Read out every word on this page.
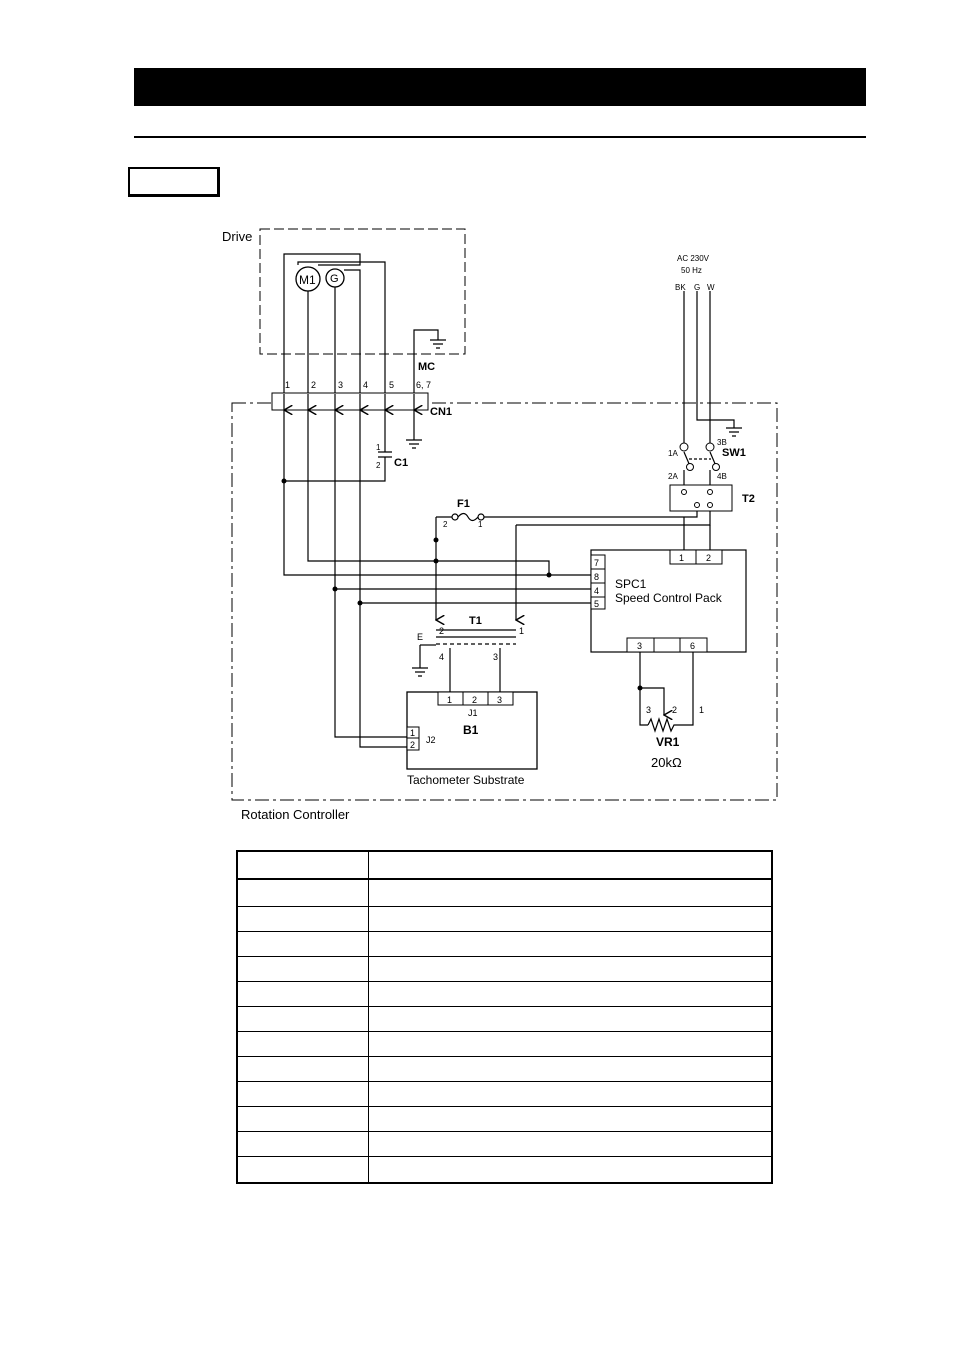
Drive
Rotation Controller
M1 G
MC
CN1
1 2 3 4 5 6, 7
C1
1
2
AC 230V
50 Hz
BK G W
SW1
1A
3B
2A	4B
T2
F1
2	1
1 2
7
8
4
5
3	6
SPC1
Speed Control Pack
T1
2	1
E
4	3
1 2 3
J1
B1
1
2 J2
Tachometer Substrate
3 2 1
VR1
20kΩ
